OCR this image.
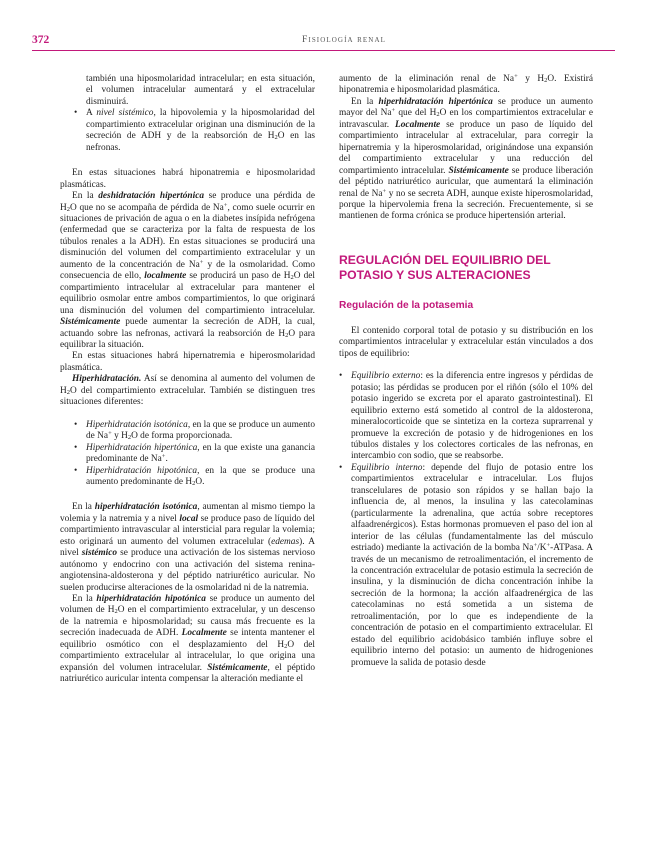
372	Fisiología renal
también una hiposmolaridad intracelular; en esta situación, el volumen intracelular aumentará y el extracelular disminuirá.
• A nivel sistémico, la hipovolemia y la hiposmolaridad del compartimiento extracelular originan una disminución de la secreción de ADH y de la reabsorción de $H_2O$ en las nefronas.

En estas situaciones habrá hiponatremia e hiposmolaridad plasmáticas.

En la deshidratación hipertónica se produce una pérdida de $H_2O$ que no se acompaña de pérdida de Na+, como suele ocurrir en situaciones de privación de agua o en la diabetes insípida nefrógena (enfermedad que se caracteriza por la falta de respuesta de los túbulos renales a la ADH). En estas situaciones se producirá una disminución del volumen del compartimiento extracelular y un aumento de la concentración de Na+ y de la osmolaridad. Como consecuencia de ello, localmente se producirá un paso de $H_2O$ del compartimiento intracelular al extracelular para mantener el equilibrio osmolar entre ambos compartimientos, lo que originará una disminución del volumen del compartimiento intracelular. Sistémicamente puede aumentar la secreción de ADH, la cual, actuando sobre las nefronas, activará la reabsorción de $H_2O$ para equilibrar la situación.

En estas situaciones habrá hipernatremia e hiperosmolaridad plasmática.

Hiperhidratación. Así se denomina al aumento del volumen de $H_2O$ del compartimiento extracelular. También se distinguen tres situaciones diferentes:

• Hiperhidratación isotónica, en la que se produce un aumento de Na+ y $H_2O$ de forma proporcionada.
• Hiperhidratación hipertónica, en la que existe una ganancia predominante de Na+.
• Hiperhidratación hipotónica, en la que se produce una aumento predominante de $H_2O$.

En la hiperhidratación isotónica, aumentan al mismo tiempo la volemia y la natremia y a nivel local se produce paso de líquido del compartimiento intravascular al intersticial para regular la volemia; esto originará un aumento del volumen extracelular (edemas). A nivel sistémico se produce una activación de los sistemas nervioso autónomo y endocrino con una activación del sistema renina-angiotensina-aldosterona y del péptido natriurético auricular. No suelen producirse alteraciones de la osmolaridad ni de la natremia.

En la hiperhidratación hipotónica se produce un aumento del volumen de $H_2O$ en el compartimiento extracelular, y un descenso de la natremia e hiposmolaridad; su causa más frecuente es la secreción inadecuada de ADH. Localmente se intenta mantener el equilibrio osmótico con el desplazamiento del $H_2O$ del compartimiento extracelular al intracelular, lo que origina una expansión del volumen intracelular. Sistémicamente, el péptido natriurético auricular intenta compensar la alteración mediante el

aumento de la eliminación renal de Na+ y $H_2O$. Existirá hiponatremia e hiposmolaridad plasmática.

En la hiperhidratación hipertónica se produce un aumento mayor del Na+ que del $H_2O$ en los compartimientos extracelular e intravascular. Localmente se produce un paso de líquido del compartimiento intracelular al extracelular, para corregir la hipernatremia y la hiperosmolaridad, originándose una expansión del compartimiento extracelular y una reducción del compartimiento intracelular. Sistémicamente se produce liberación del péptido natriurético auricular, que aumentará la eliminación renal de Na+ y no se secreta ADH, aunque existe hiperosmolaridad, porque la hipervolemia frena la secreción. Frecuentemente, si se mantienen de forma crónica se produce hipertensión arterial.

REGULACIÓN DEL EQUILIBRIO DEL POTASIO Y SUS ALTERACIONES
Regulación de la potasemia

El contenido corporal total de potasio y su distribución en los compartimientos intracelular y extracelular están vinculados a dos tipos de equilibrio:

• Equilibrio externo: es la diferencia entre ingresos y pérdidas de potasio; las pérdidas se producen por el riñón (sólo el 10% del potasio ingerido se excreta por el aparato gastrointestinal). El equilibrio externo está sometido al control de la aldosterona, mineralocorticoide que se sintetiza en la corteza suprarrenal y promueve la excreción de potasio y de hidrogeniones en los túbulos distales y los colectores corticales de las nefronas, en intercambio con sodio, que se reabsorbe.
• Equilibrio interno: depende del flujo de potasio entre los compartimientos extracelular e intracelular. Los flujos transcelulares de potasio son rápidos y se hallan bajo la influencia de, al menos, la insulina y las catecolaminas (particularmente la adrenalina, que actúa sobre receptores alfaadrenérgicos). Estas hormonas promueven el paso del ion al interior de las células (fundamentalmente las del músculo estriado) mediante la activación de la bomba Na+/K+-ATPasa. A través de un mecanismo de retroalimentación, el incremento de la concentración extracelular de potasio estimula la secreción de insulina, y la disminución de dicha concentración inhibe la secreción de la hormona; la acción alfaadrenérgica de las catecolaminas no está sometida a un sistema de retroalimentación, por lo que es independiente de la concentración de potasio en el compartimiento extracelular. El estado del equilibrio acidobásico también influye sobre el equilibrio interno del potasio: un aumento de hidrogeniones promueve la salida de potasio desde
